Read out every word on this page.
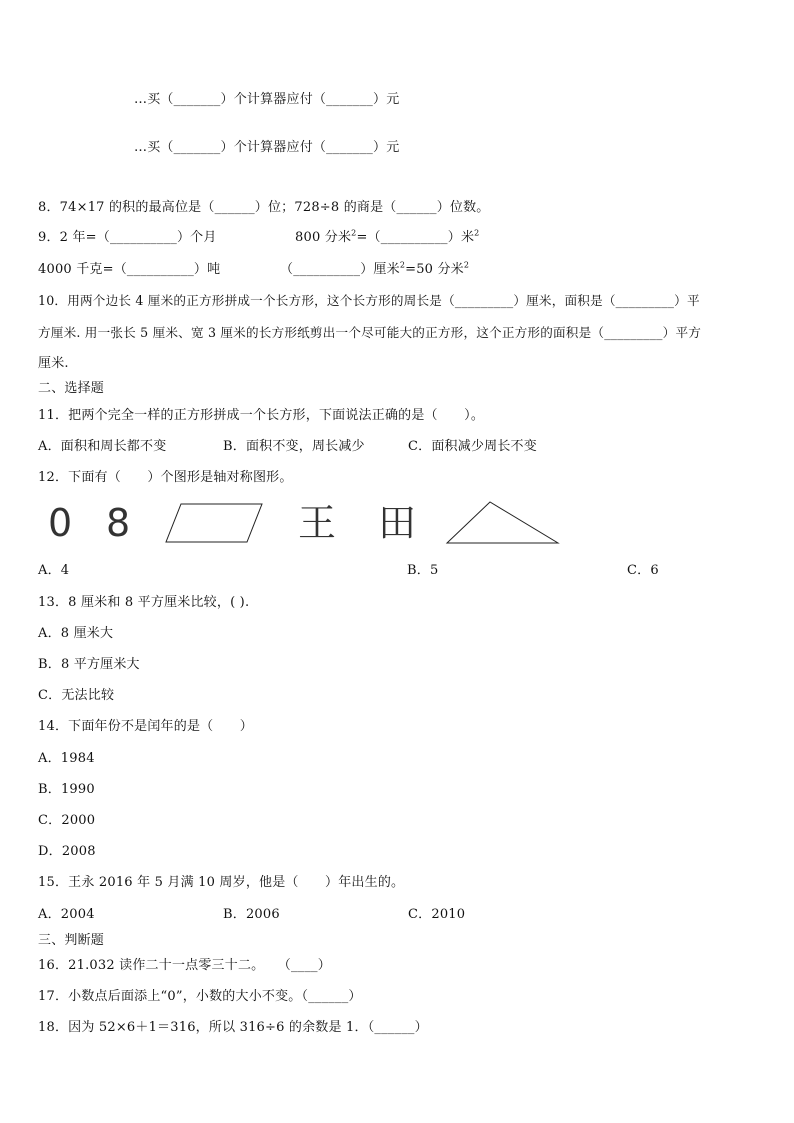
…买（_______）个计算器应付（_______）元
…买（_______）个计算器应付（_______）元
8．74×17 的积的最高位是（______）位；728÷8 的商是（______）位数。
9．2 年=（__________）个月	800 分米$^2$=（__________）米$^2$
4000 千克=（__________）吨	（__________）厘米$^2$=50 分米$^2$
10．用两个边长 4 厘米的正方形拼成一个长方形，这个长方形的周长是（_________）厘米，面积是（_________）平
方厘米. 用一张长 5 厘米、宽 3 厘米的长方形纸剪出一个尽可能大的正方形，这个正方形的面积是（_________）平方
厘米.
二、选择题
11．把两个完全一样的正方形拼成一个长方形，下面说法正确的是（　　）。
A．面积和周长都不变	B．面积不变，周长减少	C．面积减少周长不变
12．下面有（　　）个图形是轴对称图形。
0 8	王 田
A．4	B．5	C．6
13．8 厘米和 8 平方厘米比较，( ).
A．8 厘米大
B．8 平方厘米大
C．无法比较
14．下面年份不是闰年的是（　　）
A．1984
B．1990
C．2000
D．2008
15．王永 2016 年 5 月满 10 周岁，他是（　　）年出生的。
A．2004	B．2006	C．2010
三、判断题
16．21.032 读作二十一点零三十二。　　（____）
17．小数点后面添上“0”，小数的大小不变。（______）
18．因为 52×6＋1＝316，所以 316÷6 的余数是 1．（______）
